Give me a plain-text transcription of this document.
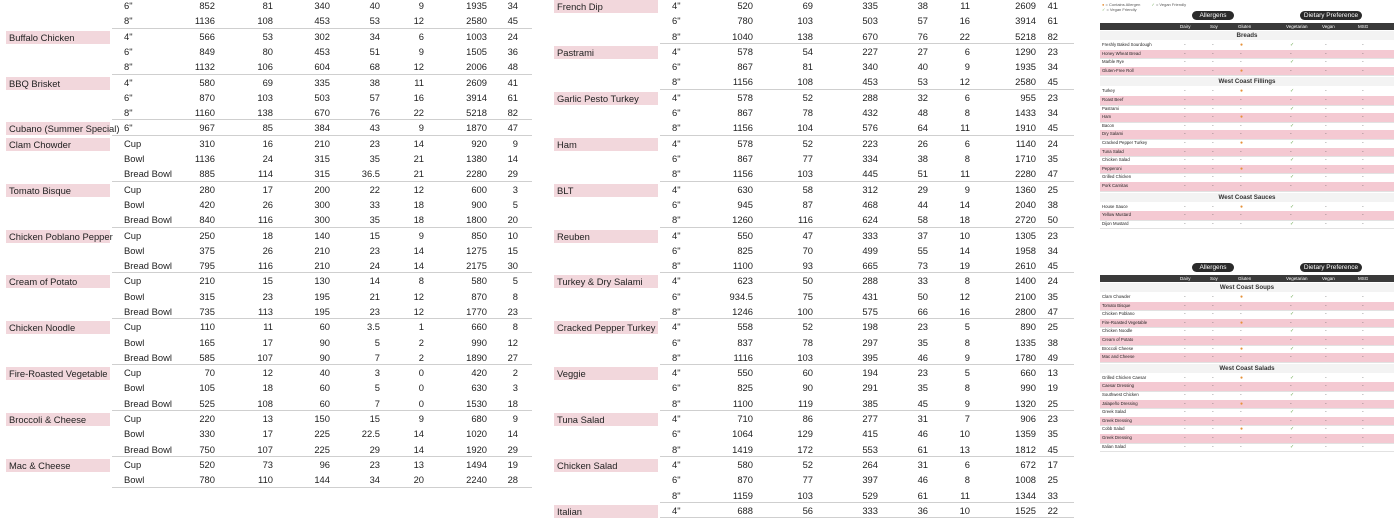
6"	852	81	340	40	9	1935	34
8"	1136	108	453	53	12	2580	45
Buffalo Chicken	4"	566	53	302	34	6	1003	24
6"	849	80	453	51	9	1505	36
8"	1132	106	604	68	12	2006	48
BBQ Brisket	4"	580	69	335	38	11	2609	41
6"	870	103	503	57	16	3914	61
8"	1160	138	670	76	22	5218	82
Cubano (Summer Special) 6"	967	85	384	43	9	1870	47
Clam Chowder	Cup	310	16	210	23	14	920	9
Bowl	1136	24	315	35	21	1380	14
Bread Bowl	885	114	315	36.5	21	2280	29
Tomato Bisque	Cup	280	17	200	22	12	600	3
Bowl	420	26	300	33	18	900	5
Bread Bowl	840	116	300	35	18	1800	20
Chicken Poblano Pepper Cup	250	18	140	15	9	850	10
Bowl	375	26	210	23	14	1275	15
Bread Bowl	795	116	210	24	14	2175	30
Cream of Potato	Cup	210	15	130	14	8	580	5
Bowl	315	23	195	21	12	870	8
Bread Bowl	735	113	195	23	12	1770	23
Chicken Noodle	Cup	110	11	60	3.5	1	660	8
Bowl	165	17	90	5	2	990	12
Bread Bowl	585	107	90	7	2	1890	27
Fire-Roasted Vegetable Cup	70	12	40	3	0	420	2
Bowl	105	18	60	5	0	630	3
Bread Bowl	525	108	60	7	0	1530	18
Broccoli & Cheese	Cup	220	13	150	15	9	680	9
Bowl	330	17	225	22.5	14	1020	14
Bread Bowl	750	107	225	29	14	1920	29
Mac & Cheese	Cup	520	73	96	23	13	1494	19
Bowl	780	110	144	34	20	2240	28
French Dip	4"	520	69	335	38	11	2609	41
6"	780	103	503	57	16	3914	61
8"	1040	138	670	76	22	5218	82
Pastrami	4"	578	54	227	27	6	1290	23
6"	867	81	340	40	9	1935	34
8"	1156	108	453	53	12	2580	45
Garlic Pesto Turkey	4"	578	52	288	32	6	955	23
6"	867	78	432	48	8	1433	34
8"	1156	104	576	64	11	1910	45
Ham	4"	578	52	223	26	6	1140	24
6"	867	77	334	38	8	1710	35
8"	1156	103	445	51	11	2280	47
BLT	4"	630	58	312	29	9	1360	25
6"	945	87	468	44	14	2040	38
8"	1260	116	624	58	18	2720	50
Reuben	4"	550	47	333	37	10	1305	23
6"	825	70	499	55	14	1958	34
8"	1100	93	665	73	19	2610	45
Turkey & Dry Salami	4"	623	50	288	33	8	1400	24
6"	934.5	75	431	50	12	2100	35
8"	1246	100	575	66	16	2800	47
Cracked Pepper Turkey 4"	558	52	198	23	5	890	25
6"	837	78	297	35	8	1335	38
8"	1116	103	395	46	9	1780	49
Veggie	4"	550	60	194	23	5	660	13
6"	825	90	291	35	8	990	19
8"	1100	119	385	45	9	1320	25
Tuna Salad	4"	710	86	277	31	7	906	23
6"	1064	129	415	46	10	1359	35
8"	1419	172	553	61	13	1812	45
Chicken Salad	4"	580	52	264	31	6	672	17
6"	870	77	397	46	8	1008	25
8"	1159	103	529	61	11	1344	33
Italian	4"	688	56	333	36	10	1525	22
● = Contains Allergen	✓ = Vegan Friendly
✓ = Vegan Friendly
Allergens	Dietary Preference
Dairy	Soy	Gluten	Vegetarian	Vegan	MSG
Breads
Freshly Baked Sourdough	-	-	●	✓	-	-
Honey Wheat Bread	-	-	-	-	-	-
Marble Rye	-	-	-	✓	-	-
Gluten-Free Roll	-	-	●	-	-	-
West Coast Fillings
Turkey	-	-	●	✓	-	-
Roast Beef	-	-	-	-	-	-
Pastrami	-	-	-	✓	-	-
Ham	-	-	●	-	-	-
Bacon	-	-	-	✓	-	-
Dry Salami	-	-	-	-	-	-
Cracked Pepper Turkey	-	-	●	✓	-	-
Tuna Salad	-	-	-	-	-	-
Chicken Salad	-	-	-	✓	-	-
Pepperoni	-	-	●	-	-	-
Grilled Chicken	-	-	-	✓	-	-
Pork Carnitas	-	-	-	-	-	-
West Coast Sauces
House Sauce	-	-	●	✓	-	-
Yellow Mustard	-	-	-	-	-	-
Dijon Mustard	-	-	-	✓	-	-
Allergens	Dietary Preference
Dairy	Soy	Gluten	Vegetarian	Vegan	MSG
West Coast Soups
Clam Chowder	-	-	●	✓	-	-
Tomato Bisque	-	-	-	-	-	-
Chicken Poblano	-	-	-	✓	-	-
Fire-Roasted Vegetable	-	-	●	-	-	-
Chicken Noodle	-	-	-	✓	-	-
Cream of Potato	-	-	-	-	-	-
Broccoli Cheese	-	-	●	✓	-	-
Mac and Cheese	-	-	-	-	-	-
West Coast Salads
Grilled Chicken Caesar	-	-	●	✓	-	-
Caesar Dressing	-	-	-	-	-	-
Southwest Chicken	-	-	-	✓	-	-
Jalapeño Dressing	-	-	●	-	-	-
Greek Salad	-	-	-	✓	-	-
Greek Dressing	-	-	-	-	-	-
Cobb Salad	-	-	●	✓	-	-
Greek Dressing	-	-	-	-	-	-
Italian Salad	-	-	-	✓	-	-
